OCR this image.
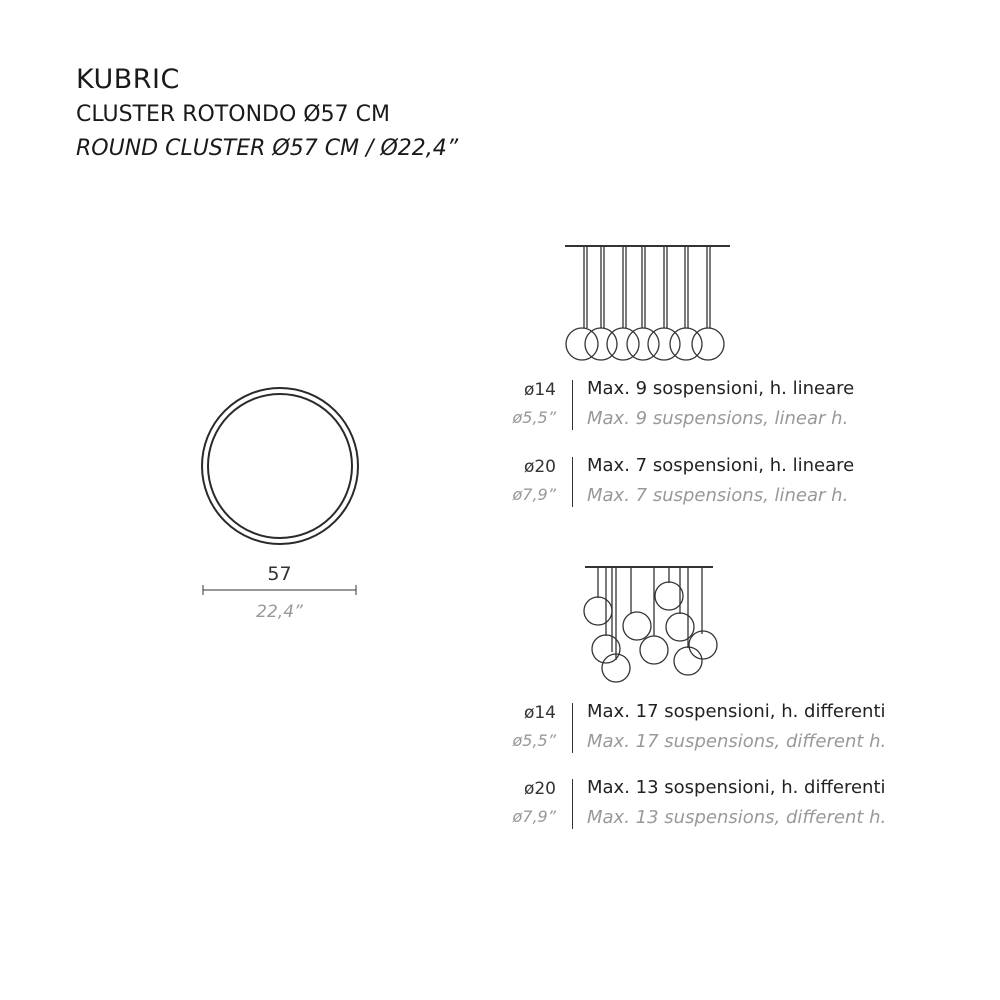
KUBRIC
CLUSTER ROTONDO Ø57 CM
ROUND CLUSTER Ø57 CM / Ø22,4”
57
22,4”
ø14
ø5,5”
Max. 9 sospensioni, h. lineare
Max. 9 suspensions, linear h.
ø20
ø7,9”
Max. 7 sospensioni, h. lineare
Max. 7 suspensions, linear h.
ø14
ø5,5”
Max. 17 sospensioni, h. differenti
Max. 17 suspensions, different h.
ø20
ø7,9”
Max. 13 sospensioni, h. differenti
Max. 13 suspensions, different h.
